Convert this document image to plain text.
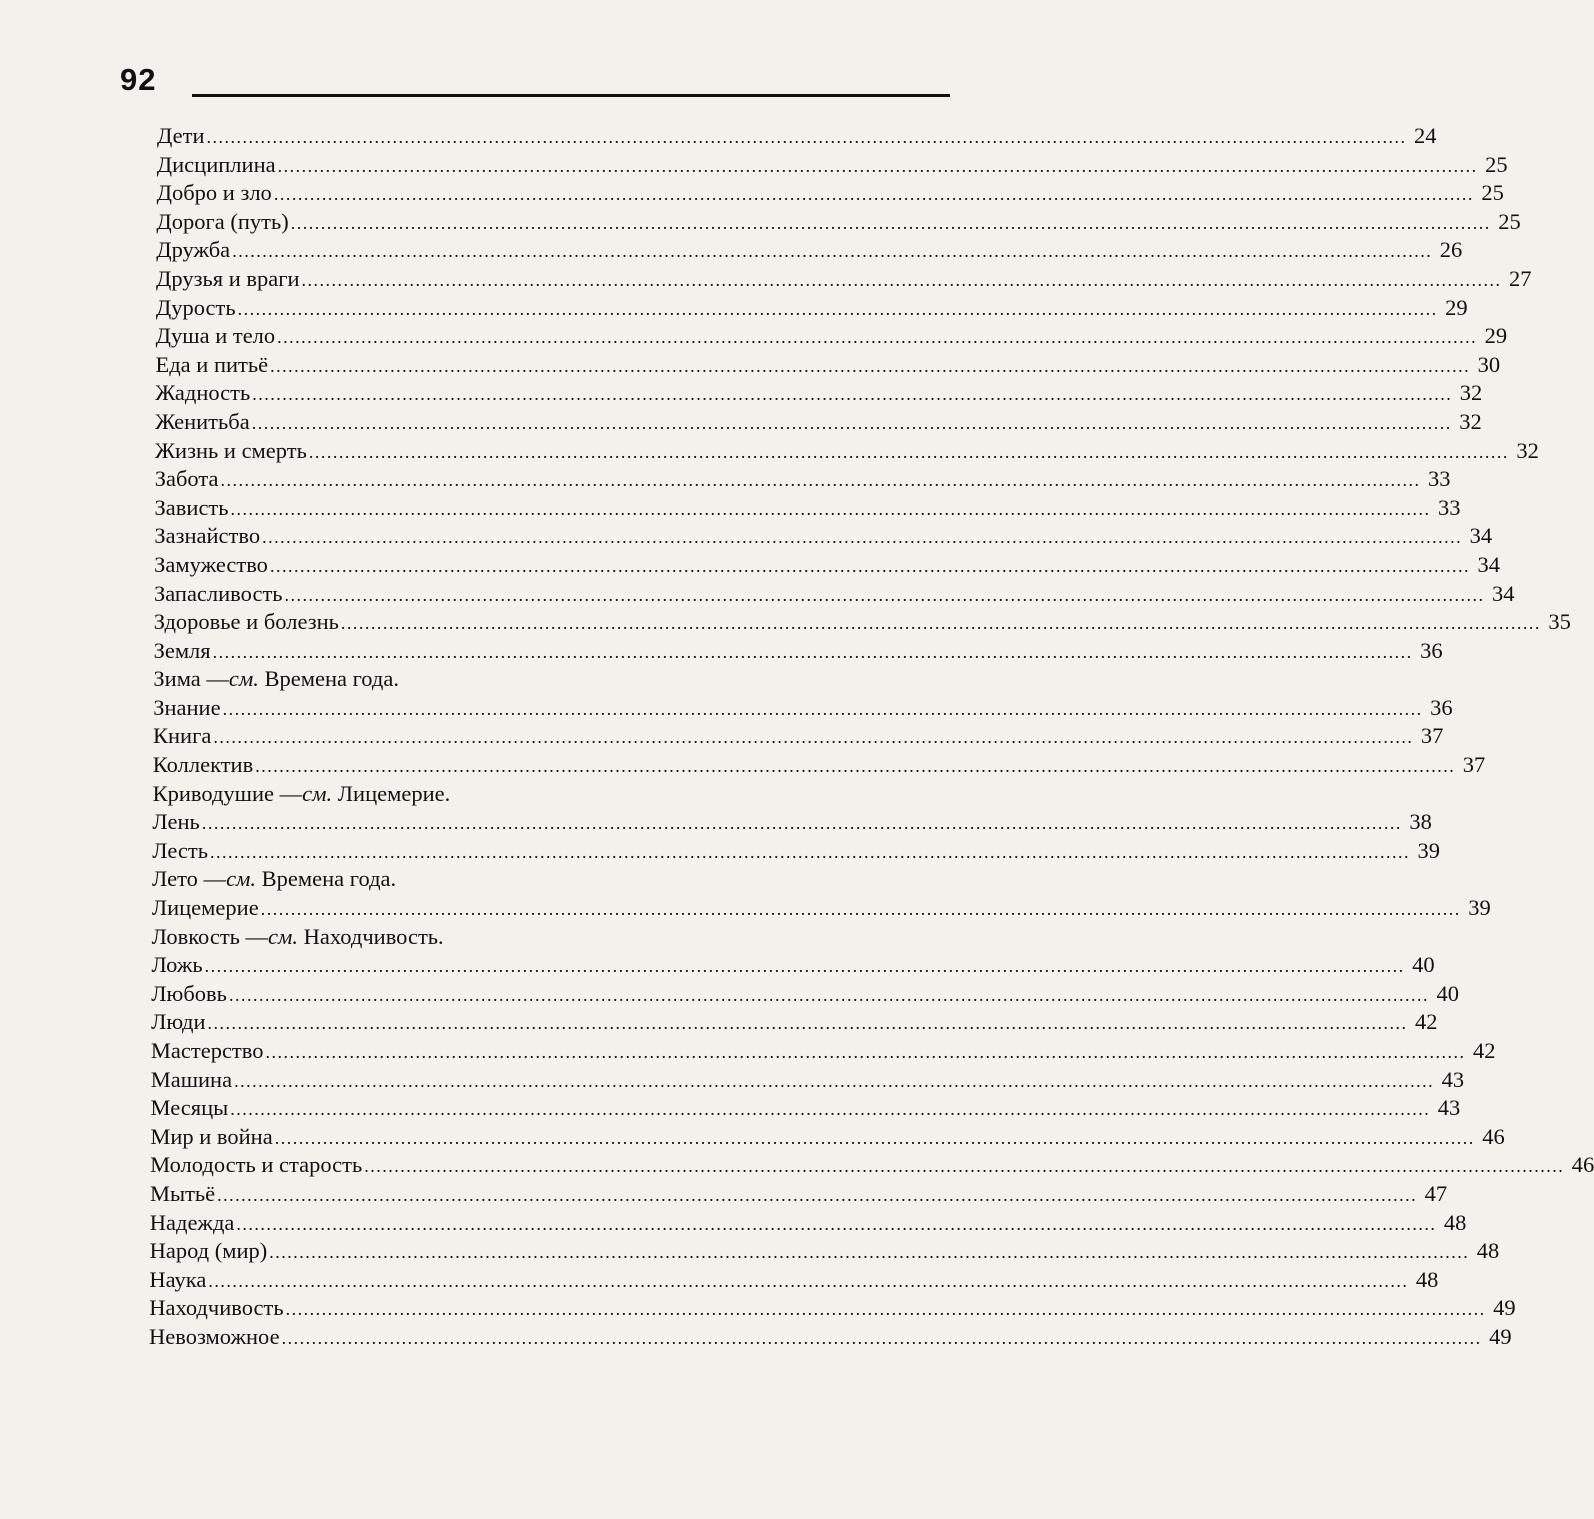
92
Дети ........................................................................................................................................................................................................ 24
Дисциплина ........................................................................................................................................................................................................ 25
Добро и зло ........................................................................................................................................................................................................ 25
Дорога (путь) ........................................................................................................................................................................................................ 25
Дружба ........................................................................................................................................................................................................ 26
Друзья и враги ........................................................................................................................................................................................................ 27
Дурость ........................................................................................................................................................................................................ 29
Душа и тело ........................................................................................................................................................................................................ 29
Еда и питьё ........................................................................................................................................................................................................ 30
Жадность ........................................................................................................................................................................................................ 32
Женитьба ........................................................................................................................................................................................................ 32
Жизнь и смерть ........................................................................................................................................................................................................ 32
Забота ........................................................................................................................................................................................................ 33
Зависть ........................................................................................................................................................................................................ 33
Зазнайство ........................................................................................................................................................................................................ 34
Замужество ........................................................................................................................................................................................................ 34
Запасливость ........................................................................................................................................................................................................ 34
Здоровье и болезнь ........................................................................................................................................................................................................ 35
Земля ........................................................................................................................................................................................................ 36
Зима — см. Времена года.
Знание ........................................................................................................................................................................................................ 36
Книга ........................................................................................................................................................................................................ 37
Коллектив ........................................................................................................................................................................................................ 37
Криводушие — см. Лицемерие.
Лень ........................................................................................................................................................................................................ 38
Лесть ........................................................................................................................................................................................................ 39
Лето — см. Времена года.
Лицемерие ........................................................................................................................................................................................................ 39
Ловкость — см. Находчивость.
Ложь ........................................................................................................................................................................................................ 40
Любовь ........................................................................................................................................................................................................ 40
Люди ........................................................................................................................................................................................................ 42
Мастерство ........................................................................................................................................................................................................ 42
Машина ........................................................................................................................................................................................................ 43
Месяцы ........................................................................................................................................................................................................ 43
Мир и война ........................................................................................................................................................................................................ 46
Молодость и старость ........................................................................................................................................................................................................ 46
Мытьё ........................................................................................................................................................................................................ 47
Надежда ........................................................................................................................................................................................................ 48
Народ (мир) ........................................................................................................................................................................................................ 48
Наука ........................................................................................................................................................................................................ 48
Находчивость ........................................................................................................................................................................................................ 49
Невозможное ........................................................................................................................................................................................................ 49
